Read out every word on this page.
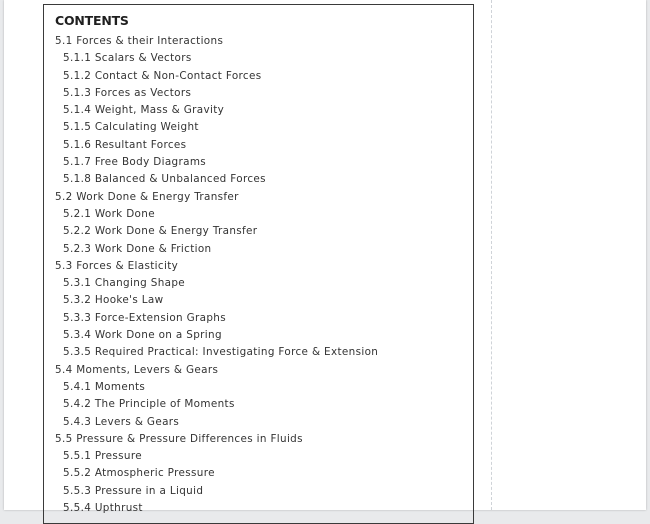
CONTENTS
5.1 Forces & their Interactions
5.1.1 Scalars & Vectors
5.1.2 Contact & Non-Contact Forces
5.1.3 Forces as Vectors
5.1.4 Weight, Mass & Gravity
5.1.5 Calculating Weight
5.1.6 Resultant Forces
5.1.7 Free Body Diagrams
5.1.8 Balanced & Unbalanced Forces
5.2 Work Done & Energy Transfer
5.2.1 Work Done
5.2.2 Work Done & Energy Transfer
5.2.3 Work Done & Friction
5.3 Forces & Elasticity
5.3.1 Changing Shape
5.3.2 Hooke's Law
5.3.3 Force-Extension Graphs
5.3.4 Work Done on a Spring
5.3.5 Required Practical: Investigating Force & Extension
5.4 Moments, Levers & Gears
5.4.1 Moments
5.4.2 The Principle of Moments
5.4.3 Levers & Gears
5.5 Pressure & Pressure Differences in Fluids
5.5.1 Pressure
5.5.2 Atmospheric Pressure
5.5.3 Pressure in a Liquid
5.5.4 Upthrust
